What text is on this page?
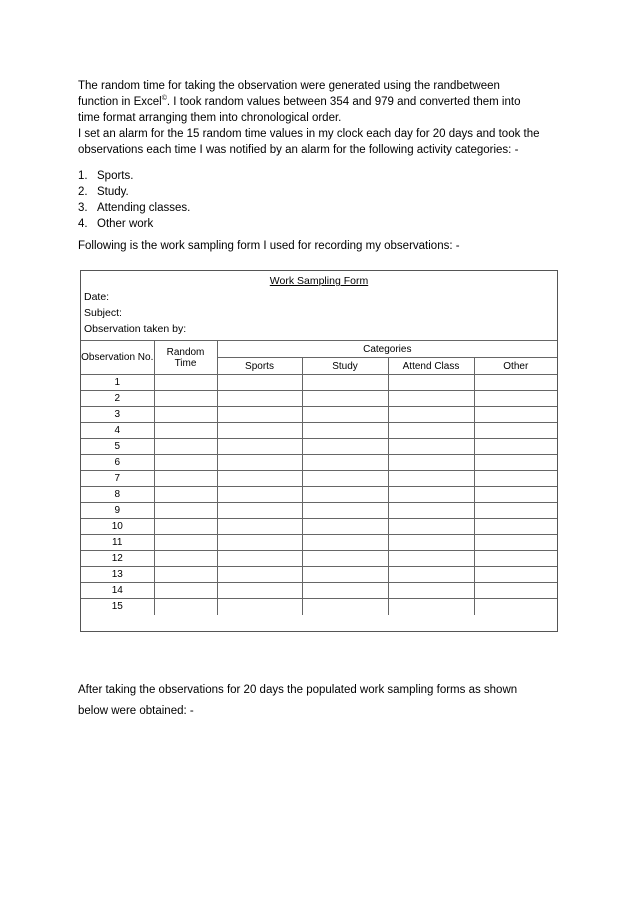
The random time for taking the observation were generated using the randbetween
function in Excel©. I took random values between 354 and 979 and converted them into
time format arranging them into chronological order.
I set an alarm for the 15 random time values in my clock each day for 20 days and took the
observations each time I was notified by an alarm for the following activity categories: -
1. Sports.
2. Study.
3. Attending classes.
4. Other work
Following is the work sampling form I used for recording my observations: -
Work Sampling Form
Date:
Subject:
Observation taken by:
Observation No.	Random Time	Categories			
		Sports	Study	Attend Class	Other
1					
2					
3					
4					
5					
6					
7					
8					
9					
10					
11					
12					
13					
14					
15					
After taking the observations for 20 days the populated work sampling forms as shown
below were obtained: -
